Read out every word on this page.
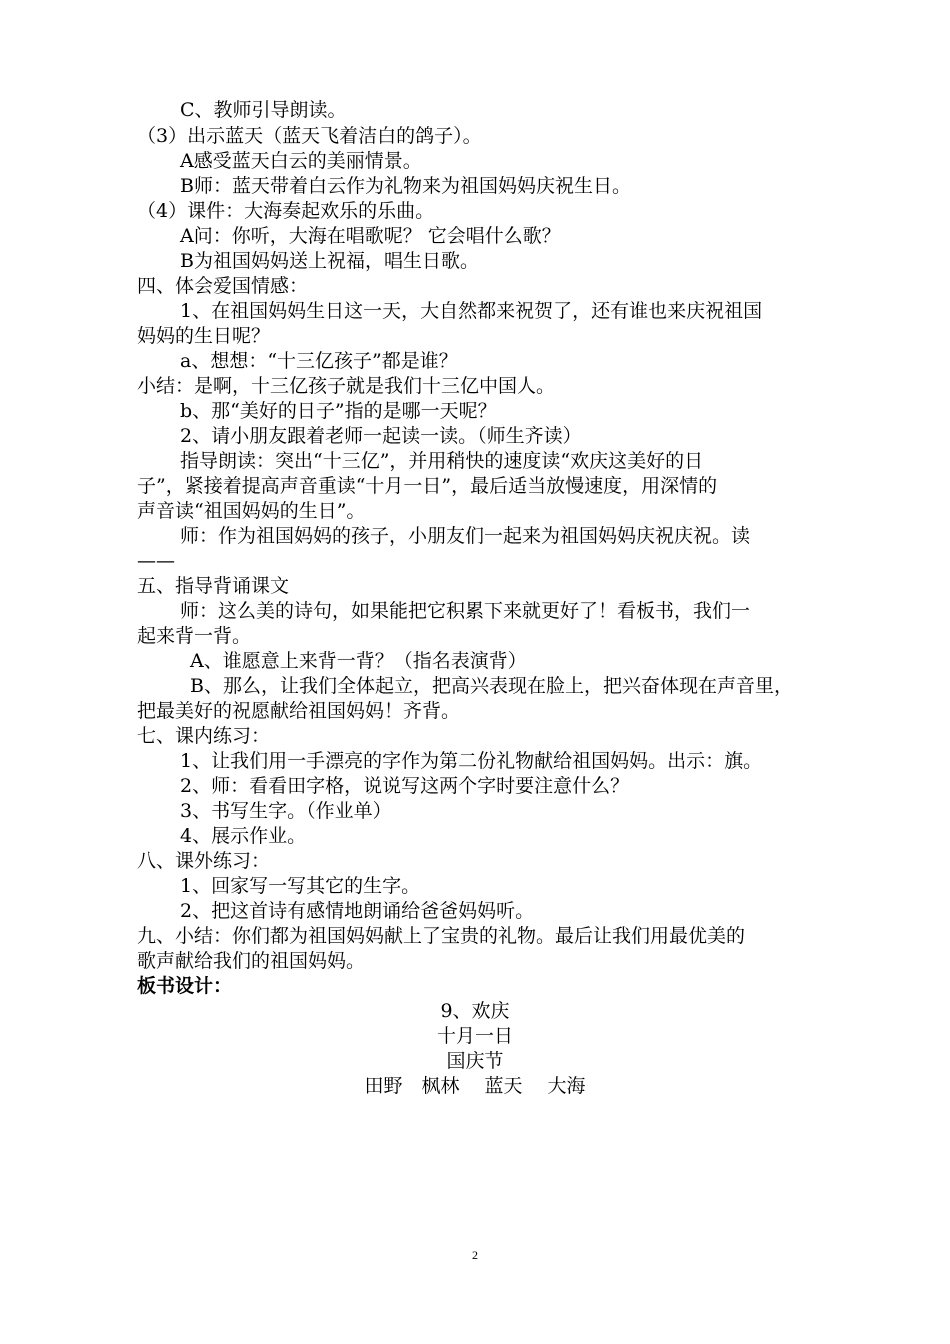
C、教师引导朗读。
（3）出示蓝天（蓝天飞着洁白的鸽子）。
A感受蓝天白云的美丽情景。
B师：蓝天带着白云作为礼物来为祖国妈妈庆祝生日。
（4）课件：大海奏起欢乐的乐曲。
A问：你听，大海在唱歌呢？ 它会唱什么歌？
B为祖国妈妈送上祝福，唱生日歌。
四、体会爱国情感：
1、在祖国妈妈生日这一天，大自然都来祝贺了，还有谁也来庆祝祖国
妈妈的生日呢？
a、想想：“十三亿孩子”都是谁？
小结：是啊，十三亿孩子就是我们十三亿中国人。
b、那“美好的日子”指的是哪一天呢？
2、请小朋友跟着老师一起读一读。（师生齐读）
指导朗读：突出“十三亿”，并用稍快的速度读“欢庆这美好的日
子”，紧接着提高声音重读“十月一日”，最后适当放慢速度，用深情的
声音读“祖国妈妈的生日”。
师：作为祖国妈妈的孩子，小朋友们一起来为祖国妈妈庆祝庆祝。读
——
五、指导背诵课文
师：这么美的诗句，如果能把它积累下来就更好了！看板书，我们一
起来背一背。
A、谁愿意上来背一背？（指名表演背）
B、那么，让我们全体起立，把高兴表现在脸上，把兴奋体现在声音里，
把最美好的祝愿献给祖国妈妈！齐背。
七、课内练习：
1、让我们用一手漂亮的字作为第二份礼物献给祖国妈妈。出示：旗。
2、师：看看田字格，说说写这两个字时要注意什么？
3、书写生字。（作业单）
4、展示作业。
八、课外练习：
1、回家写一写其它的生字。
2、把这首诗有感情地朗诵给爸爸妈妈听。
九、小结：你们都为祖国妈妈献上了宝贵的礼物。最后让我们用最优美的
歌声献给我们的祖国妈妈。
板书设计：
9、欢庆
十月一日
国庆节
田野　枫林　 蓝天　 大海
2
